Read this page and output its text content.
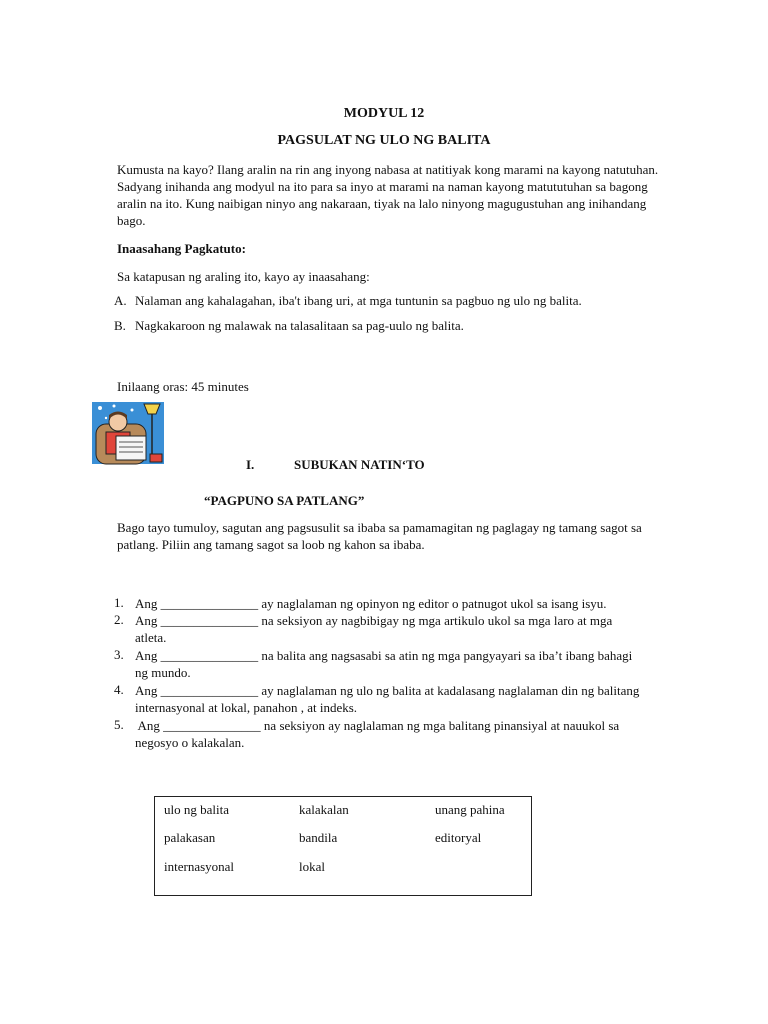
MODYUL 12
PAGSULAT NG ULO NG BALITA
Kumusta na kayo? Ilang aralin na rin ang inyong nabasa at natitiyak kong marami na kayong natutuhan.
Sadyang inihanda ang modyul na ito para sa inyo at marami na naman kayong matututuhan sa bagong
aralin na ito. Kung naibigan ninyo ang nakaraan, tiyak na lalo ninyong magugustuhan ang inihandang
bago.
Inaasahang Pagkatuto:
Sa katapusan ng araling ito, kayo ay inaasahang:
A. Nalaman ang kahalagahan, iba't ibang uri, at mga tuntunin sa pagbuo ng ulo ng balita.
B. Nagkakaroon ng malawak na talasalitaan sa pag-uulo ng balita.
Inilaang oras: 45 minutes
I.	SUBUKAN NATIN‘TO
“PAGPUNO SA PATLANG”
Bago tayo tumuloy, sagutan ang pagsusulit sa ibaba sa pamamagitan ng paglagay ng tamang sagot sa
patlang. Piliin ang tamang sagot sa loob ng kahon sa ibaba.
1. Ang _______________ ay naglalaman ng opinyon ng editor o patnugot ukol sa isang isyu.
2. Ang _______________ na seksiyon ay nagbibigay ng mga artikulo ukol sa mga laro at mga
atleta.
3. Ang _______________ na balita ang nagsasabi sa atin ng mga pangyayari sa iba’t ibang bahagi
ng mundo.
4. Ang _______________ ay naglalaman ng ulo ng balita at kadalasang naglalaman din ng balitang
internasyonal at lokal, panahon , at indeks.
5. Ang _______________ na seksiyon ay naglalaman ng mga balitang pinansiyal at nauukol sa
negosyo o kalakalan.
ulo ng balita	kalakalan	unang pahina
palakasan	bandila	editoryal
internasyonal	lokal
